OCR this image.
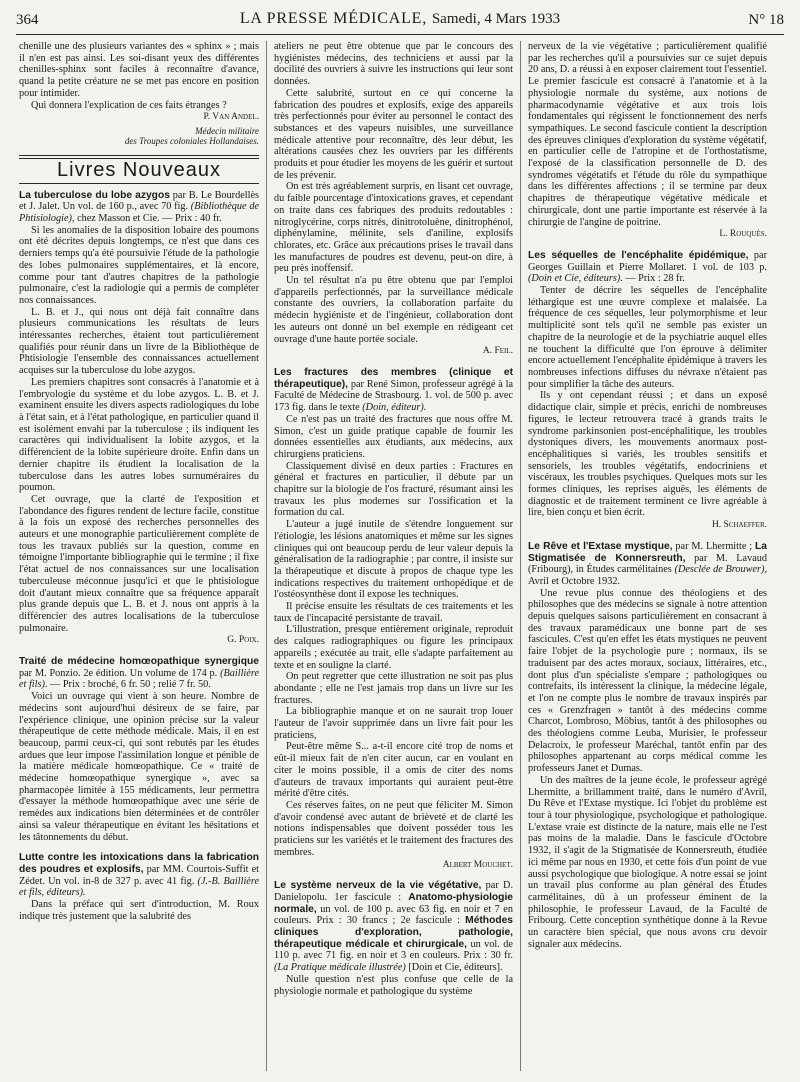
364	LA PRESSE MÉDICALE, Samedi, 4 Mars 1933	N° 18

chenille une des plusieurs variantes des « sphinx » ; mais il n'en est pas ainsi. Les soi-disant yeux des différentes chenilles-sphinx sont faciles à reconnaître d'avance, quand la petite créature ne se met pas encore en position pour intimider.

Qui donnera l'explication de ces faits étranges ?

P. Van Andel.
Médecin militaire
des Troupes coloniales Hollandaises.
Livres Nouveaux

La tuberculose du lobe azygos par B. Le Bourdellès et J. Jalet. Un vol. de 160 p., avec 70 fig. (Bibliothèque de Phtisiologie), chez Masson et Cie. — Prix : 40 fr.

Si les anomalies de la disposition lobaire des poumons ont été décrites depuis longtemps, ce n'est que dans ces derniers temps qu'a été poursuivie l'étude de la pathologie des lobes pulmonaires supplémentaires, et là encore, comme pour tant d'autres chapitres de la pathologie pulmonaire, c'est la radiologie qui a permis de compléter nos connaissances.

L. B. et J., qui nous ont déjà fait connaître dans plusieurs communications les résultats de leurs intéressantes recherches, étaient tout particulièrement qualifiés pour réunir dans un livre de la Bibliothèque de Phtisiologie l'ensemble des connaissances actuellement acquises sur la tuberculose du lobe azygos.

Les premiers chapitres sont consacrés à l'anatomie et à l'embryologie du système et du lobe azygos. L. B. et J. examinent ensuite les divers aspects radiologiques du lobe à l'état sain, et à l'état pathologique, en particulier quand il est isolément envahi par la tuberculose ; ils indiquent les caractères qui individualisent la lobite azygos, et la différencient de la lobite supérieure droite. Enfin dans un dernier chapitre ils étudient la localisation de la tuberculose dans les autres lobes surnuméraires du poumon.

Cet ouvrage, que la clarté de l'exposition et l'abondance des figures rendent de lecture facile, constitue à la fois un exposé des recherches personnelles des auteurs et une monographie particulièrement complète de tous les travaux publiés sur la question, comme en témoigne l'importante bibliographie qui le termine ; il fixe l'état actuel de nos connaissances sur une localisation tuberculeuse méconnue jusqu'ici et que le phtisiologue doit d'autant mieux connaître que sa fréquence apparaît plus grande depuis que L. B. et J. nous ont appris à la différencier des autres localisations de la tuberculose pulmonaire.

G. Poix.

Traité de médecine homœopathique synergique par M. Ponzio. 2e édition. Un volume de 174 p. (Baillière et fils). — Prix : broché, 6 fr. 50 ; relié 7 fr. 50.

Voici un ouvrage qui vient à son heure. Nombre de médecins sont aujourd'hui désireux de se faire, par l'expérience clinique, une opinion précise sur la valeur thérapeutique de cette méthode médicale. Mais, il en est beaucoup, parmi ceux-ci, qui sont rebutés par les études ardues que leur impose l'assimilation longue et pénible de la matière médicale homœopathique. Ce « traité de médecine homœopathique synergique », avec sa pharmacopée limitée à 155 médicaments, leur permettra d'essayer la méthode homœopathique avec une série de remèdes aux indications bien déterminées et de contrôler ainsi sa valeur thérapeutique en évitant les hésitations et les tâtonnements du début.

Lutte contre les intoxications dans la fabrication des poudres et explosifs, par MM. Courtois-Suffit et Zédet. Un vol. in-8 de 327 p. avec 41 fig. (J.-B. Baillière et fils, éditeurs).

Dans la préface qui sert d'introduction, M. Roux indique très justement que la salubrité des

ateliers ne peut être obtenue que par le concours des hygiénistes médecins, des techniciens et aussi par la docilité des ouvriers à suivre les instructions qui leur sont données.

Cette salubrité, surtout en ce qui concerne la fabrication des poudres et explosifs, exige des appareils très perfectionnés pour éviter au personnel le contact des substances et des vapeurs nuisibles, une surveillance médicale attentive pour reconnaître, dès leur début, les altérations causées chez les ouvriers par les différents produits et pour étudier les moyens de les guérir et surtout de les prévenir.

On est très agréablement surpris, en lisant cet ouvrage, du faible pourcentage d'intoxications graves, et cependant on traite dans ces fabriques des produits redoutables : nitroglycérine, corps nitrés, dinitrotoluène, dinitrophénol, diphénylamine, mélinite, sels d'aniline, explosifs chlorates, etc. Grâce aux précautions prises le travail dans les manufactures de poudres est devenu, peut-on dire, à peu près inoffensif.

Un tel résultat n'a pu être obtenu que par l'emploi d'appareils perfectionnés, par la surveillance médicale constante des ouvriers, la collaboration parfaite du médecin hygiéniste et de l'ingénieur, collaboration dont les auteurs ont donné un bel exemple en rédigeant cet ouvrage d'une haute portée sociale.

A. Feil.

Les fractures des membres (clinique et thérapeutique), par René Simon, professeur agrégé à la Faculté de Médecine de Strasbourg. 1. vol. de 500 p. avec 173 fig. dans le texte (Doin, éditeur).

Ce n'est pas un traité des fractures que nous offre M. Simon, c'est un guide pratique capable de fournir les données essentielles aux étudiants, aux médecins, aux chirurgiens praticiens.

Classiquement divisé en deux parties : Fractures en général et fractures en particulier, il débute par un chapitre sur la biologie de l'os fracturé, résumant ainsi les travaux les plus modernes sur l'ossification et la formation du cal.

L'auteur a jugé inutile de s'étendre longuement sur l'étiologie, les lésions anatomiques et même sur les signes cliniques qui ont beaucoup perdu de leur valeur depuis la généralisation de la radiographie ; par contre, il insiste sur la thérapeutique et discute à propos de chaque type les indications respectives du traitement orthopédique et de l'ostéosynthèse dont il expose les techniques.

Il précise ensuite les résultats de ces traitements et les taux de l'incapacité persistante de travail.

L'illustration, presque entièrement originale, reproduit des calques radiographiques ou figure les principaux appareils ; exécutée au trait, elle s'adapte parfaitement au texte et en souligne la clarté.

On peut regretter que cette illustration ne soit pas plus abondante ; elle ne l'est jamais trop dans un livre sur les fractures.

La bibliographie manque et on ne saurait trop louer l'auteur de l'avoir supprimée dans un livre fait pour les praticiens,

Peut-être même S... a-t-il encore cité trop de noms et eût-il mieux fait de n'en citer aucun, car en voulant en citer le moins possible, il a omis de citer des noms d'auteurs de travaux importants qui auraient peut-être mérité d'être cités.

Ces réserves faites, on ne peut que féliciter M. Simon d'avoir condensé avec autant de brièveté et de clarté les notions indispensables que doivent posséder tous les praticiens sur les variétés et le traitement des fractures des membres.

Albert Mouchet.

Le système nerveux de la vie végétative, par D. Danielopolu. 1er fascicule : Anatomo-physiologie normale, un vol. de 100 p. avec 63 fig. en noir et 7 en couleurs. Prix : 30 francs ; 2e fascicule : Méthodes cliniques d'exploration, pathologie, thérapeutique médicale et chirurgicale, un vol. de 110 p. avec 71 fig. en noir et 3 en couleurs. Prix : 30 fr. (La Pratique médicale illustrée) [Doin et Cie, éditeurs].

Nulle question n'est plus confuse que celle de la physiologie normale et pathologique du système

nerveux de la vie végétative ; particulièrement qualifié par les recherches qu'il a poursuivies sur ce sujet depuis 20 ans, D. a réussi à en exposer clairement tout l'essentiel. Le premier fascicule est consacré à l'anatomie et à la physiologie normale du système, aux notions de pharmacodynamie végétative et aux trois lois fondamentales qui régissent le fonctionnement des nerfs sympathiques. Le second fascicule contient la description des épreuves cliniques d'exploration du système végétatif, en particulier celle de l'atropine et de l'orthostatisme, l'exposé de la classification personnelle de D. des syndromes végétatifs et l'étude du rôle du sympathique dans les différentes affections ; il se termine par deux chapitres de thérapeutique végétative médicale et chirurgicale, dont une partie importante est réservée à la chirurgie de l'angine de poitrine.

L. Rouquès.

Les séquelles de l'encéphalite épidémique, par Georges Guillain et Pierre Mollaret. 1 vol. de 103 p. (Doin et Cie, éditeurs). — Prix : 28 fr.

Tenter de décrire les séquelles de l'encéphalite léthargique est une œuvre complexe et malaisée. La fréquence de ces séquelles, leur polymorphisme et leur multiplicité sont tels qu'il ne semble pas exister un chapitre de la neurologie et de la psychiatrie auquel elles ne touchent la difficulté que l'on éprouve à délimiter encore actuellement l'encéphalite épidémique à travers les nombreuses infections diffuses du névraxe n'étaient pas pour simplifier la tâche des auteurs.

Ils y ont cependant réussi ; et dans un exposé didactique clair, simple et précis, enrichi de nombreuses figures, le lecteur retrouvera tracé à grands traits le syndrome parkinsonien post-encéphalitique, les troubles dystoniques divers, les mouvements anormaux post-encéphalitiques si variés, les troubles sensitifs et sensoriels, les troubles végétatifs, endocriniens et viscéraux, les troubles psychiques. Quelques mots sur les formes cliniques, les reprises aiguës, les éléments de diagnostic et de traitement terminent ce livre agréable à lire, bien conçu et bien écrit.

H. Schaeffer.

Le Rêve et l'Extase mystique, par M. Lhermitte ; La Stigmatisée de Konnersreuth, par M. Lavaud (Fribourg), in Études carmélitaines (Desclée de Brouwer), Avril et Octobre 1932.

Une revue plus connue des théologiens et des philosophes que des médecins se signale à notre attention depuis quelques saisons particulièrement en consacrant à des travaux paramédicaux une bonne part de ses fascicules. C'est qu'en effet les états mystiques ne peuvent faire l'objet de la psychologie pure ; normaux, ils se traduisent par des actes moraux, sociaux, littéraires, etc., dont plus d'un spécialiste s'empare ; pathologiques ou contrefaits, ils intéressent la clinique, la médecine légale, et l'on ne compte plus le nombre de travaux inspirés par ces « Grenzfragen » tantôt à des médecins comme Charcot, Lombroso, Möbius, tantôt à des philosophes ou des théologiens comme Leuba, Murisier, le professeur Delacroix, le professeur Maréchal, tantôt enfin par des philosophes appartenant au corps médical comme les professeurs Janet et Dumas.

Un des maîtres de la jeune école, le professeur agrégé Lhermitte, a brillamment traité, dans le numéro d'Avril, Du Rêve et l'Extase mystique. Ici l'objet du problème est tour à tour physiologique, psychologique et pathologique. L'extase vraie est distincte de la nature, mais elle ne l'est pas moins de la maladie. Dans le fascicule d'Octobre 1932, il s'agit de la Stigmatisée de Konnersreuth, étudiée ici même par nous en 1930, et cette fois d'un point de vue aussi psychologique que biologique. A notre essai se joint un travail plus conforme au plan général des Études carmélitaines, dû à un professeur éminent de la philosophie, le professeur Lavaud, de la Faculté de Fribourg. Cette conception synthétique donne à la Revue un caractère bien spécial, que nous avons cru devoir signaler aux médecins.
